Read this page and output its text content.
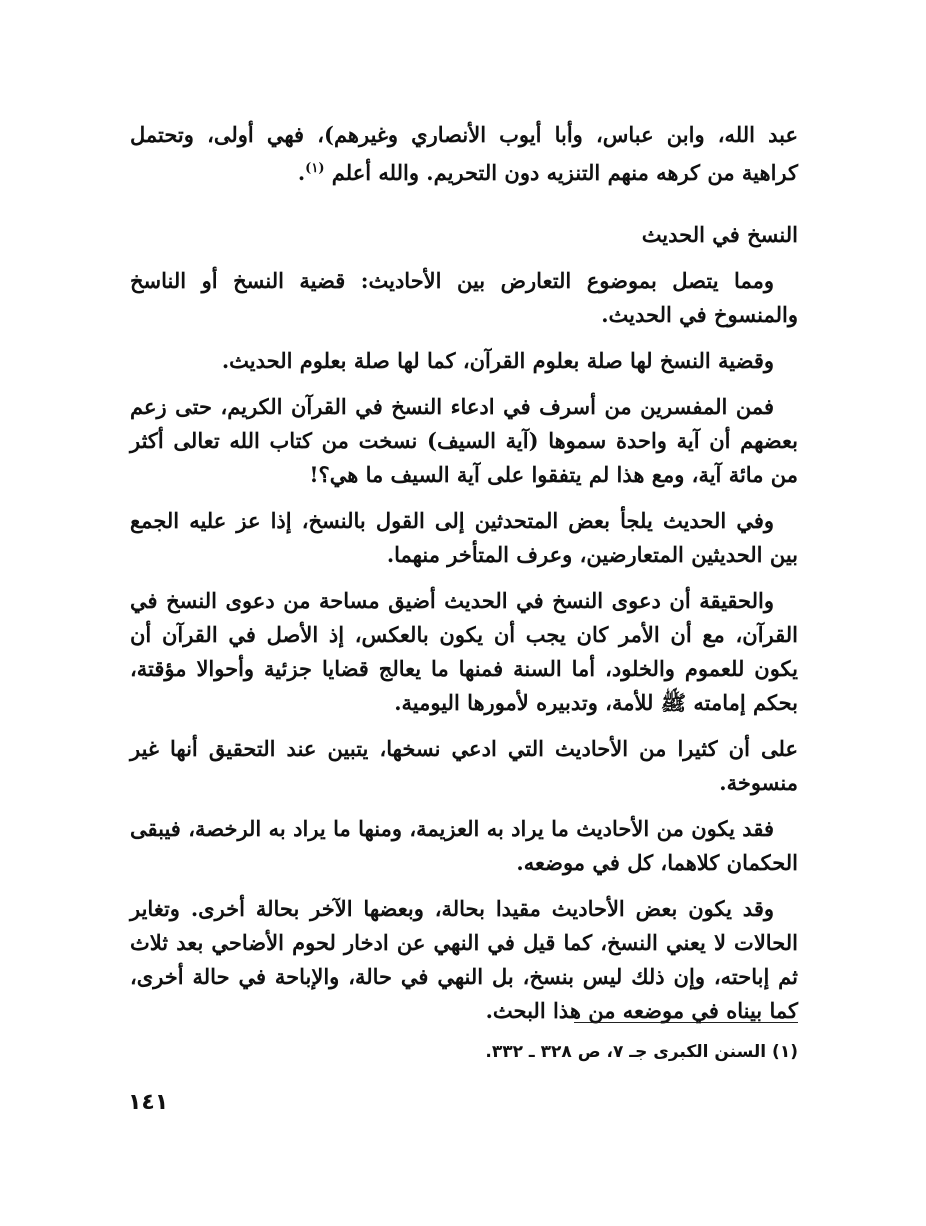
عبد الله، وابن عباس، وأبا أيوب الأنصاري وغيرهم)، فهي أولى، وتحتمل كراهية من كرهه منهم التنزيه دون التحريم. والله أعلم $^{(١)}$.

النسخ في الحديث

ومما يتصل بموضوع التعارض بين الأحاديث: قضية النسخ أو الناسخ والمنسوخ في الحديث.

وقضية النسخ لها صلة بعلوم القرآن، كما لها صلة بعلوم الحديث.

فمن المفسرين من أسرف في ادعاء النسخ في القرآن الكريم، حتى زعم بعضهم أن آية واحدة سموها (آية السيف) نسخت من كتاب الله تعالى أكثر من مائة آية، ومع هذا لم يتفقوا على آية السيف ما هي؟!

وفي الحديث يلجأ بعض المتحدثين إلى القول بالنسخ، إذا عز عليه الجمع بين الحديثين المتعارضين، وعرف المتأخر منهما.

والحقيقة أن دعوى النسخ في الحديث أضيق مساحة من دعوى النسخ في القرآن، مع أن الأمر كان يجب أن يكون بالعكس، إذ الأصل في القرآن أن يكون للعموم والخلود، أما السنة فمنها ما يعالج قضايا جزئية وأحوالا مؤقتة، بحكم إمامته ﷺ للأمة، وتدبيره لأمورها اليومية.

على أن كثيرا من الأحاديث التي ادعي نسخها، يتبين عند التحقيق أنها غير منسوخة.

فقد يكون من الأحاديث ما يراد به العزيمة، ومنها ما يراد به الرخصة، فيبقى الحكمان كلاهما، كل في موضعه.

وقد يكون بعض الأحاديث مقيدا بحالة، وبعضها الآخر بحالة أخرى. وتغاير الحالات لا يعني النسخ، كما قيل في النهي عن ادخار لحوم الأضاحي بعد ثلاث ثم إباحته، وإن ذلك ليس بنسخ، بل النهي في حالة، والإباحة في حالة أخرى، كما بيناه في موضعه من هذا البحث.

(١) السنن الكبرى جـ ٧، ص ٣٢٨ ـ ٣٣٢.
١٤١
